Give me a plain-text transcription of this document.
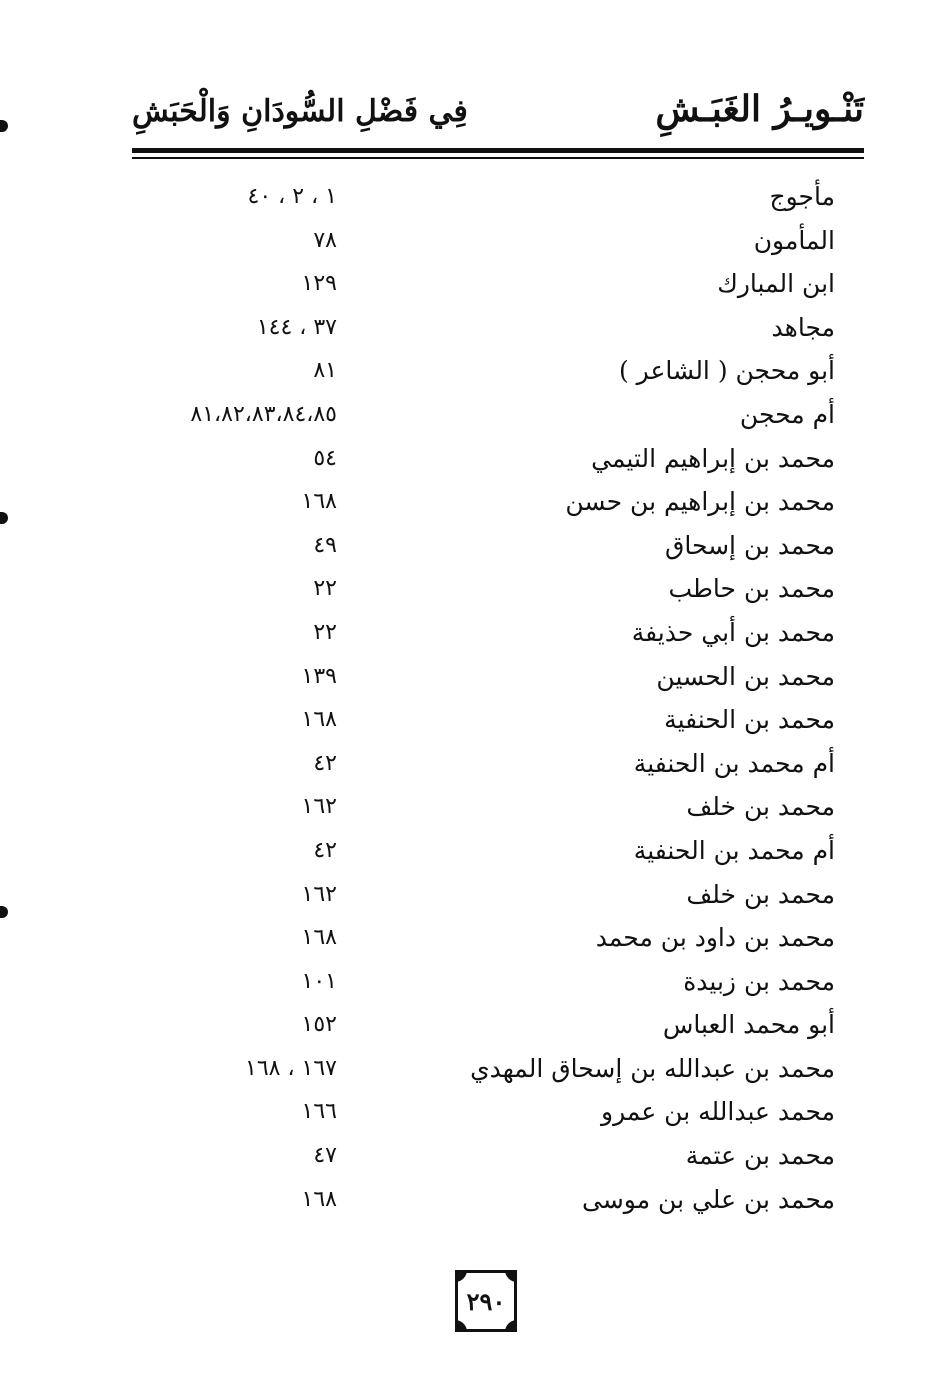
تَنْـويـرُ الغَبَـشِ
فِي فَضْلِ السُّودَانِ وَالْحَبَشِ
مأجوج
١ ، ٢ ، ٤٠
المأمون
٧٨
ابن المبارك
١٢٩
مجاهد
٣٧ ، ١٤٤
أبو محجن ( الشاعر )
٨١
أم محجن
٨١،٨٢،٨٣،٨٤،٨٥
محمد بن إبراهيم التيمي
٥٤
محمد بن إبراهيم بن حسن
١٦٨
محمد بن إسحاق
٤٩
محمد بن حاطب
٢٢
محمد بن أبي حذيفة
٢٢
محمد بن الحسين
١٣٩
محمد بن الحنفية
١٦٨
أم محمد بن الحنفية
٤٢
محمد بن خلف
١٦٢
أم محمد بن الحنفية
٤٢
محمد بن خلف
١٦٢
محمد بن داود بن محمد
١٦٨
محمد بن زبيدة
١٠١
أبو محمد العباس
١٥٢
محمد بن عبدالله بن إسحاق المهدي
١٦٧ ، ١٦٨
محمد عبدالله بن عمرو
١٦٦
محمد بن عتمة
٤٧
محمد بن علي بن موسى
١٦٨
٢٩٠
